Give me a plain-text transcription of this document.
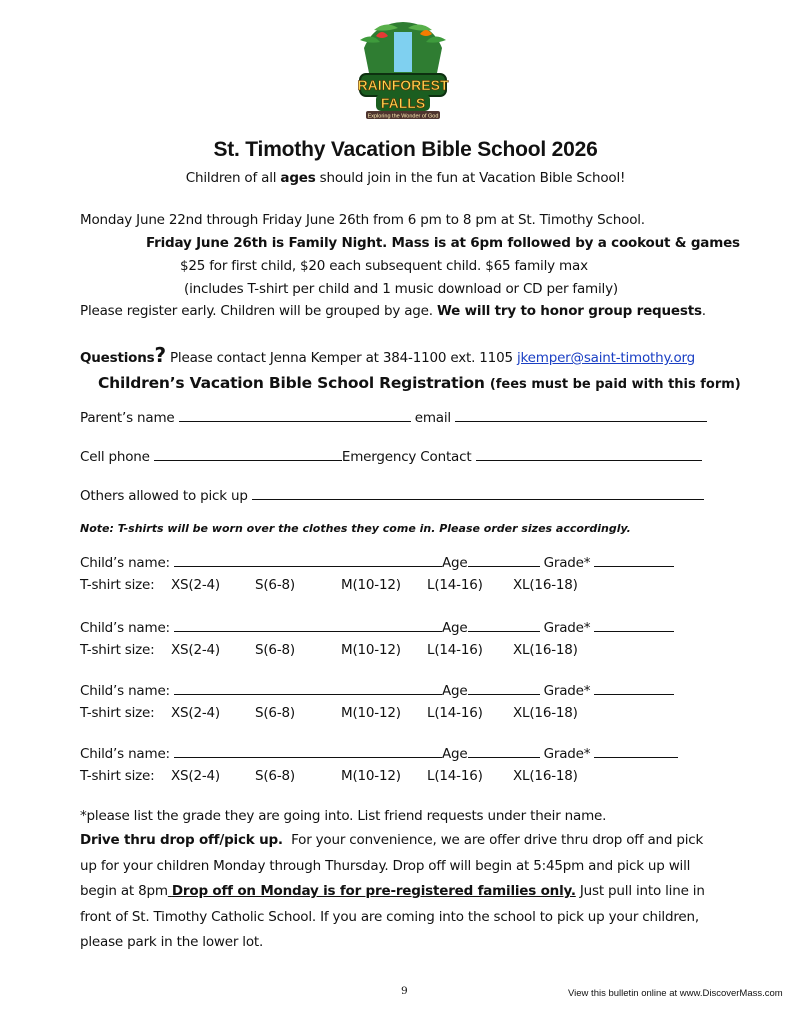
RAINFOREST
FALLS
Exploring the Wonder of God
St. Timothy Vacation Bible School 2026
Children of all ages should join in the fun at Vacation Bible School!
Monday June 22nd through Friday June 26th from 6 pm to 8 pm at St. Timothy School.
Friday June 26th is Family Night. Mass is at 6pm followed by a cookout & games
$25 for first child, $20 each subsequent child. $65 family max
(includes T-shirt per child and 1 music download or CD per family)
Please register early. Children will be grouped by age. We will try to honor group requests.
Questions? Please contact Jenna Kemper at 384-1100 ext. 1105 jkemper@saint-timothy.org
Children’s Vacation Bible School Registration (fees must be paid with this form)
Parent’s name	email
Cell phone	Emergency Contact
Others allowed to pick up
Note: T-shirts will be worn over the clothes they come in. Please order sizes accordingly.
Child’s name:	Age	Grade*
T-shirt size: XS(2-4)	S(6-8)	M(10-12) L(14-16) XL(16-18)
Child’s name:	Age	Grade*
T-shirt size: XS(2-4)	S(6-8)	M(10-12) L(14-16) XL(16-18)
Child’s name:	Age	Grade*
T-shirt size: XS(2-4)	S(6-8)	M(10-12) L(14-16) XL(16-18)
Child’s name:	Age	Grade*
T-shirt size: XS(2-4)	S(6-8)	M(10-12) L(14-16) XL(16-18)
*please list the grade they are going into. List friend requests under their name.
Drive thru drop off/pick up. For your convenience, we are offer drive thru drop off and pick
up for your children Monday through Thursday. Drop off will begin at 5:45pm and pick up will
begin at 8pm Drop off on Monday is for pre-registered families only. Just pull into line in
front of St. Timothy Catholic School. If you are coming into the school to pick up your children,
please park in the lower lot.
9	View this bulletin online at www.DiscoverMass.com
